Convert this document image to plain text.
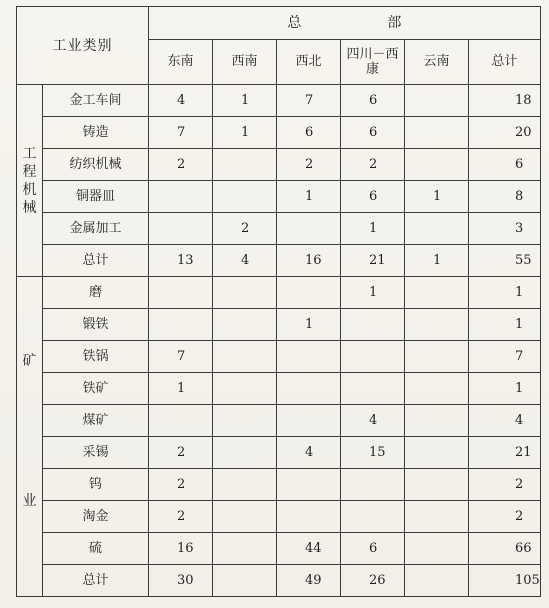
工业类别		总　部					
		东南	西南	西北	四川－西康	云南	总计

工
程
机
械	金工车间	4	1	7	6		18
	铸造	7	1	6	6		20
	纺织机械	2		2	2		6
	铜器皿			1	6	1	8
	金属加工		2		1		3
	总计	13	4	16	21	1	55

矿
业	磨				1		1
	锻铁			1			1
	铁锅	7					7
	铁矿	1					1
	煤矿				4		4
	采锡	2		4	15		21
	钨	2					2
	淘金	2					2
	硫	16		44	6		66
	总计	30		49	26		105
